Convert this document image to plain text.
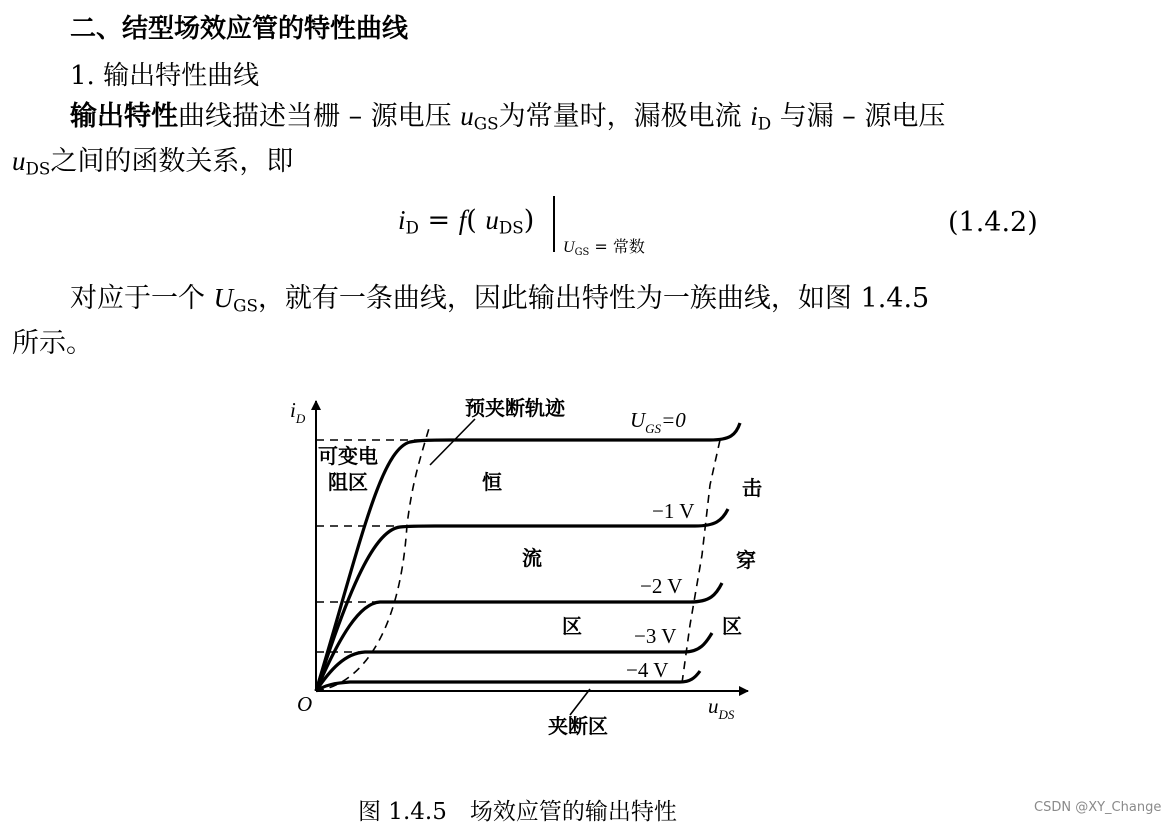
二、结型场效应管的特性曲线
1. 输出特性曲线
输出特性曲线描述当栅 – 源电压 $u_{GS}$为常量时，漏极电流 $i_D$ 与漏 – 源电压
$u_{DS}$之间的函数关系，即
$i_D = f$( $u_{DS}$)
$U_{GS}$ = 常数
(1.4.2)
对应于一个 $U_{GS}$，就有一条曲线，因此输出特性为一族曲线，如图 1.4.5
所示。
$i_D$
$u_{DS}$
O
预夹断轨迹	$U_{GS}=0$
可变电
阻区	恒
流
区
击
穿
区
−1 V
−2 V
−3 V
−4 V
夹断区
图 1.4.5　场效应管的输出特性	CSDN @XY_Change
